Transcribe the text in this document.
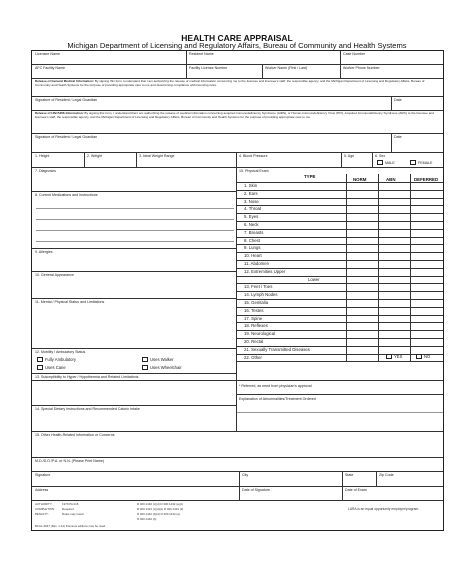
HEALTH CARE APPRAISAL
Michigan Department of Licensing and Regulatory Affairs, Bureau of Community and Health Systems
Licensee Name	Resident Name	Case Number
AFC Facility Name	Facility License Number	Worker Name (First / Last)	Worker Phone Number
Release of General Medical Information: By signing this form I understand that I am authorizing the release of medical information concerning me to the licensee and licensee's staff, the responsible agency, and the Michigan Department of Licensing and Regulatory Affairs, Bureau of Community and Health Systems for the purpose of providing appropriate care to me and determining compliance with licensing rules.
Signature of Resident / Legal Guardian	Date
Release of HIV/AIDS Information: By signing this form, I understand that I am authorizing the release of medical information concerning acquired immunodeficiency Syndrome (AIDS), or Human Immunodeficiency Virus (HIV), Acquired Immunodeficiency Syndrome (ARC) to the licensee and licensee's staff, the responsible agency, and the Michigan Department of Licensing and Regulatory Affairs, Bureau of Community and Health Systems for the purpose of providing appropriate care to me.
Signature of Resident / Legal Guardian	Date
1. Height	2. Weight	3. Ideal Weight Range	4. Blood Pressure	5. Age	6. Sex
MALE	FEMALE
7. Diagnoses
8. Current Medications and Instructions
9. Allergies
10. General Appearance
11. Mental / Physical Status and Limitations
12. Mobility / Ambulatory Status
Fully Ambulatory	Uses Walker
Uses Cane	Uses Wheelchair
13. Susceptibility to Hyper / Hypothermia and Related Limitations
15. Physical Exam
TYPE
NORM	ABN	DEFERRED
1. Skin
2. Ears
3. Nose
4. Throat
5. Eyes
6. Neck
7. Breasts
8. Chest
9. Lungs
10. Heart
11. Abdomen
12. Extremities Upper
Lower
13. Feet / Toes
14. Lymph Nodes
15. Genitalia
16. Testes
17. Spine
18. Reflexes
19. Neurological
20. Rectal
21. Sexually Transmitted Diseases
22. Other	YES	NO
* Referred, as need from physician's approval
Explanation of Abnormalities/Treatment Ordered
14. Special Dietary Instructions and Recommended Caloric Intake
15. Other Health-Related Information or Concerns
M.D./D.O./P.A. or N.N. (Please Print Name)
Signature	City	State	Zip Code
Address	Date of Signature	Date of Exam
AUTHORITY:	1979 PA 218
COMPLETION: Required
PENALTY:	Rules may result
R 400.1432 (c)(d) R 400.1432 (a)(c)
R 400.1431 (c)(d)(e) R 400.1431 (2)
R 400.1442 (b)(3) R 400.1432 (a)
R 400.1432 (b)
LARA is an equal opportunity employer/program.
BCAL-3947 (Rev. 1-14) Previous editions may be used.
